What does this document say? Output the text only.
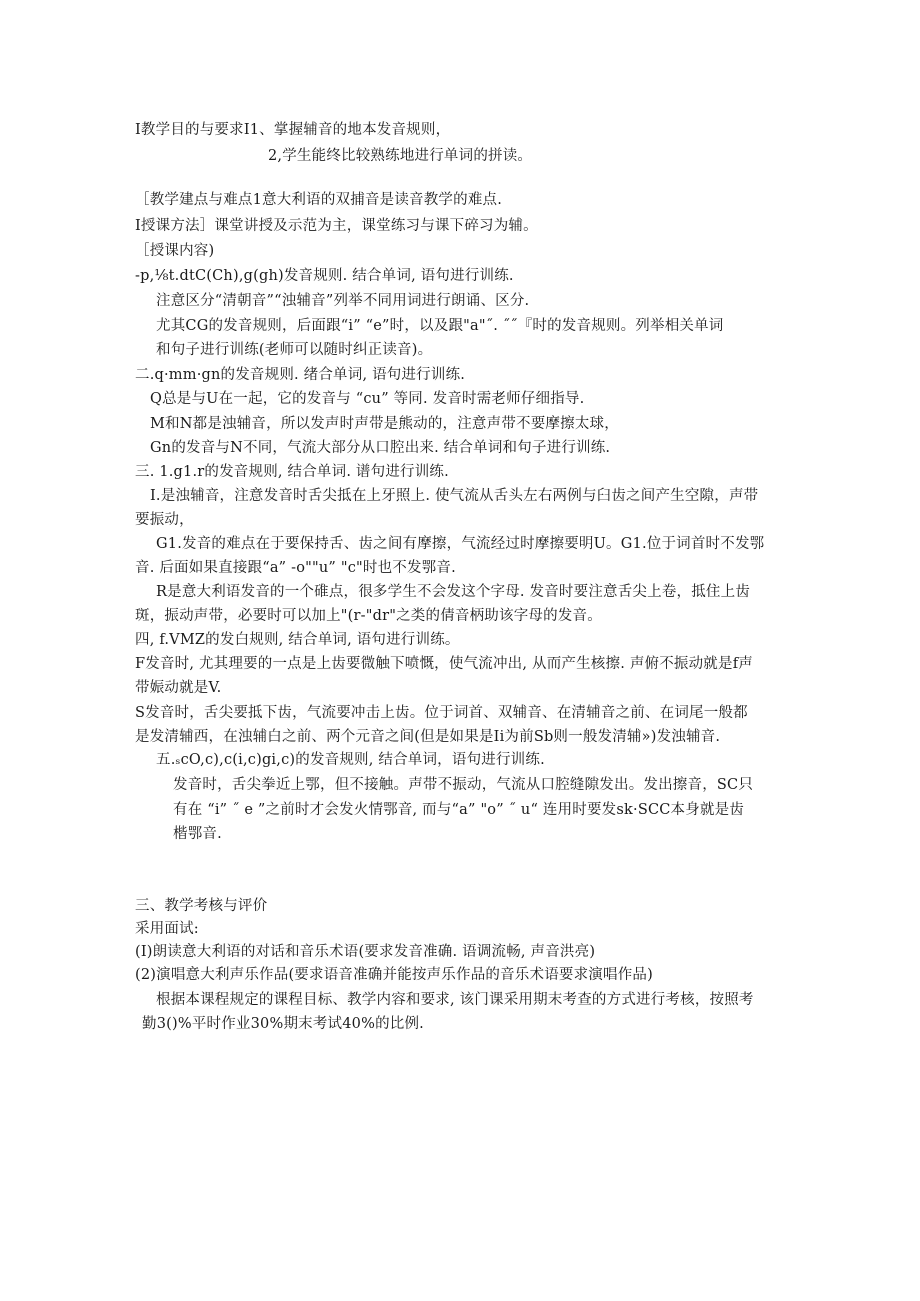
I教学目的与要求I1、掌握辅音的地本发音规则，
2,学生能终比较熟练地进行单词的拼读。
［教学建点与难点1意大利语的双捕音是读音教学的难点.
I授课方法］课堂讲授及示范为主，课堂练习与课下碎习为辅。
［授课内容)
-p,⅛t.dtC(Ch),g(gh)发音规则. 结合单词, 语句进行训练.
注意区分“清朝音”“浊辅音”列举不同用词进行朗诵、区分.
尤其CG的发音规则，后面跟“i” “e”时，以及跟"a"˝. ˝˝『时的发音规则。列举相关单词
和句子进行训练(老师可以随时纠正读音)。
二.q·mm·gn的发音规则. 绪合单词, 语句进行训练.
Q总是与U在一起，它的发音与 “cu” 等同. 发音时需老师仔细指导.
M和N都是浊辅音，所以发声时声带是熊动的，注意声带不要摩擦太球，
Gn的发音与N不同，气流大部分从口腔出来. 结合单词和句子进行训练.
三. 1.g1.r的发音规则, 结合单词. 谱句进行训练.
I.是浊辅音，注意发音时舌尖抵在上牙照上. 使气流从舌头左右两例与臼齿之间产生空隙，声带
要振动，
G1.发音的难点在于要保持舌、齿之间有摩擦，气流经过时摩擦要明U。G1.位于词首时不发鄂
音. 后面如果直接跟“a” -o""u” "c"时也不发鄂音.
R是意大利语发音的一个碓点，很多学生不会发这个字母. 发音时要注意舌尖上卷，抵住上齿
斑，振动声带，必要时可以加上"(r-"dr"之类的倩音柄助该字母的发音。
四, f.VMZ的发白规则, 结合单词, 语句进行训练。
F发音时, 尤其理要的一点是上齿要微触下喷慨，使气流冲出, 从而产生核擦. 声俯不振动就是f声
带娠动就是V.
S发音时，舌尖要抵下齿，气流要冲击上齿。位于词首、双辅音、在清辅音之前、在词尾一般都
是发清辅西，在浊辅白之前、两个元音之间(但是如果是Ii为前Sb则一般发清辅»)发浊辅音.
五.ₛcO,c),c(i,c)gi,c)的发音规则, 结合单词，语句进行训练.
发音时，舌尖拳近上鄂，但不接触。声带不振动，气流从口腔缝隙发出。发出擦音，SC只
有在 “i” ˝ e ”之前时才会发火情鄂音, 而与“a” "o” ˝ u“ 连用时要发sk·SCC本身就是齿
楷鄂音.
三、教学考核与评价
采用面试:
(I)朗读意大利语的对话和音乐术语(要求发音准确. 语调流畅, 声音洪亮)
(2)演唱意大利声乐作品(要求语音准确并能按声乐作品的音乐术语要求演唱作品)
根据本课程规定的课程目标、教学内容和要求, 该门课采用期末考查的方式进行考核，按照考
勤3()%平时作业30%期末考试40%的比例.
